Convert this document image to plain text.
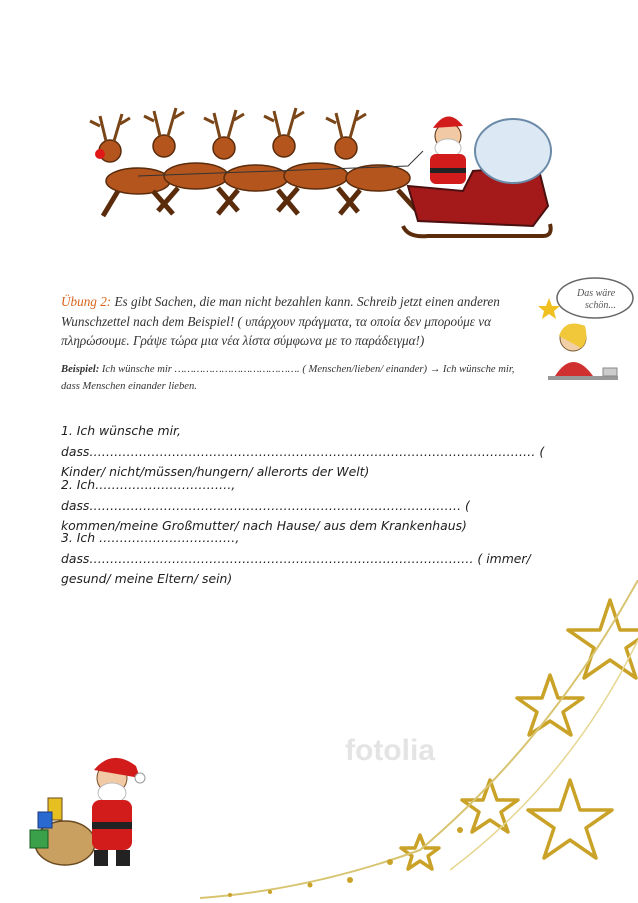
Das wäre
schön...
fotolia
Übung 2: Es gibt Sachen, die man nicht bezahlen kann. Schreib jetzt einen anderen Wunschzettel nach dem Beispiel! ( υπάρχουν πράγματα, τα οποία δεν μπορούμε να πληρώσουμε. Γράψε τώρα μια νέα λίστα σύμφωνα με το παράδειγμα!)
Beispiel: Ich wünsche mir …………………………………. ( Menschen/lieben/ einander) → Ich wünsche mir, dass Menschen einander lieben.
1. Ich wünsche mir, dass……………………………………………………………………………………………… ( Kinder/ nicht/müssen/hungern/ allerorts der Welt)
2. Ich……………………………, dass……………………………………………………………………………… ( kommen/meine Großmutter/ nach Hause/ aus dem Krankenhaus)
3. Ich ……………………………, dass………………………………………………………………………………… ( immer/ gesund/ meine Eltern/ sein)
